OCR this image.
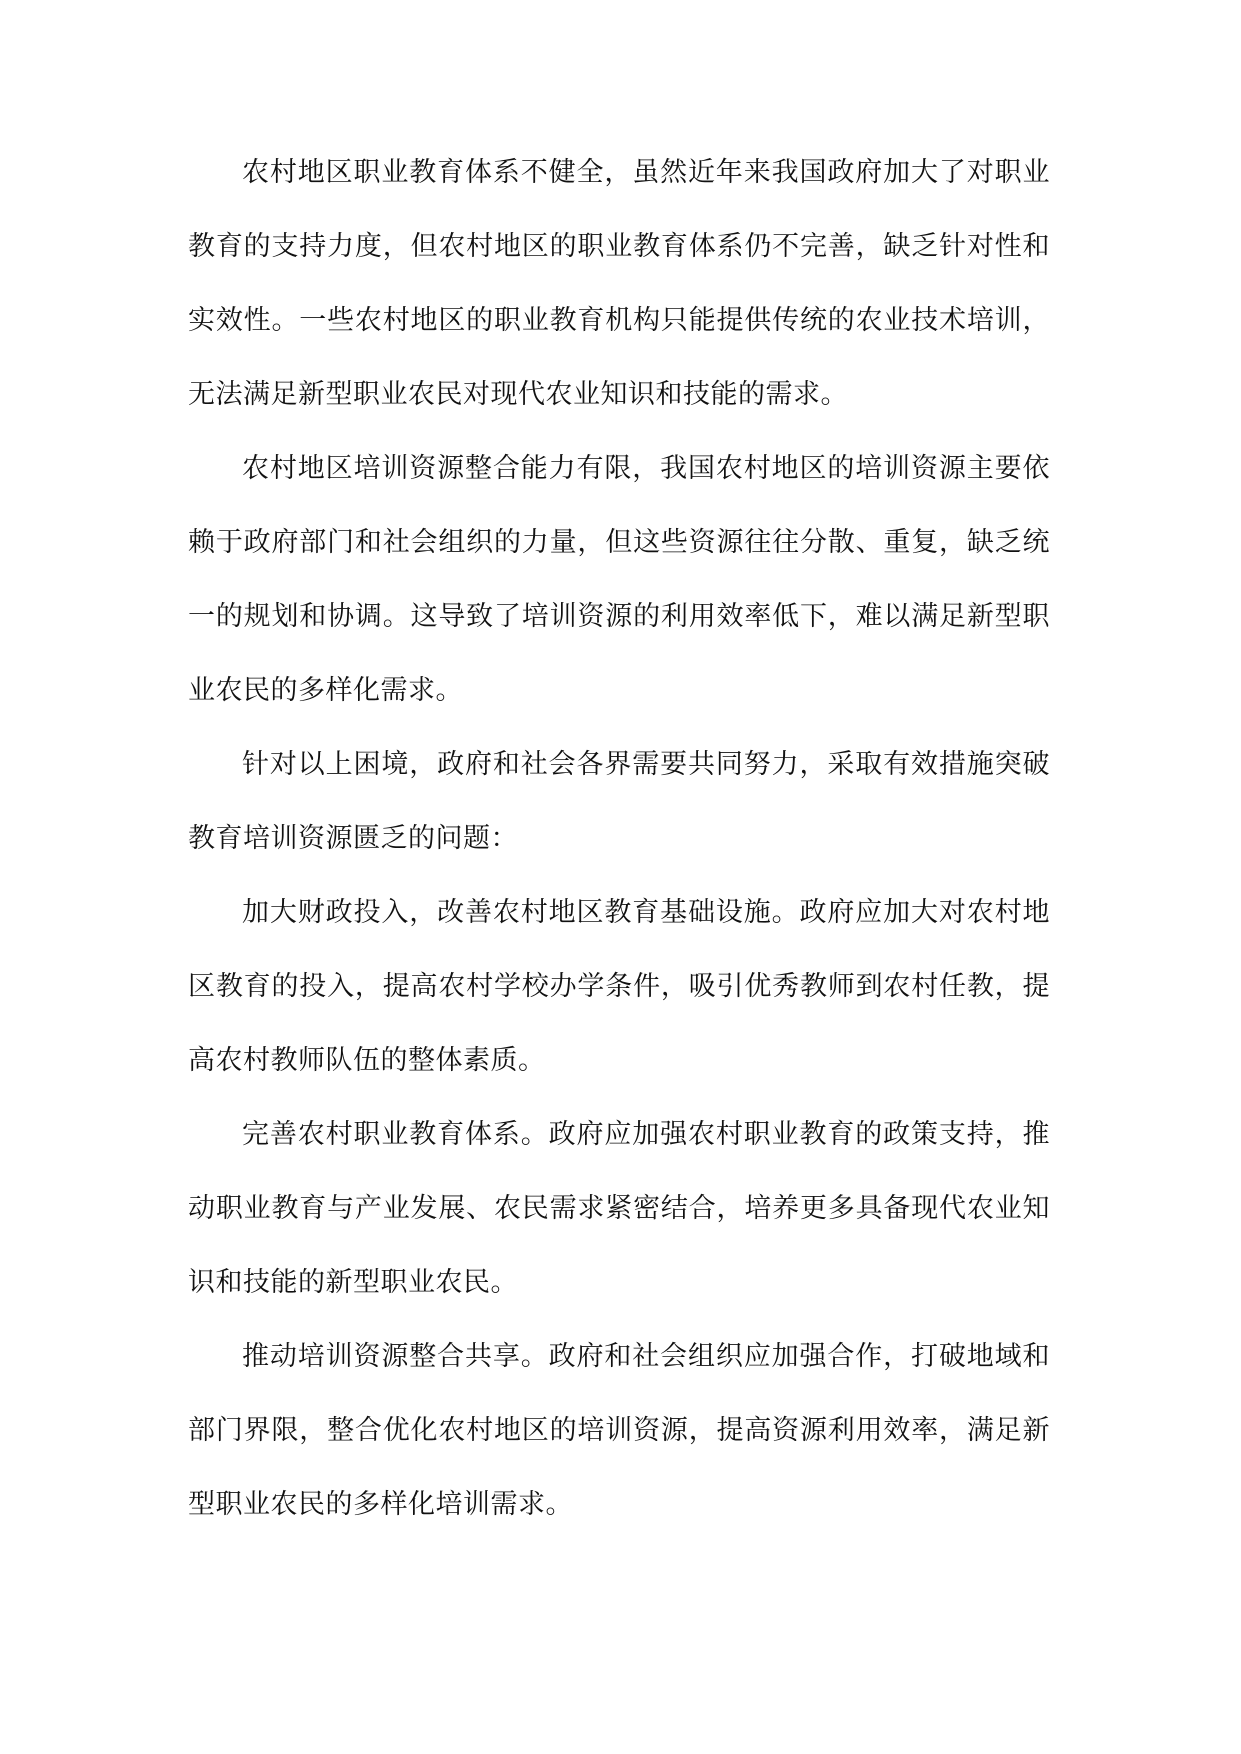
农村地区职业教育体系不健全，虽然近年来我国政府加大了对职业教育的支持力度，但农村地区的职业教育体系仍不完善，缺乏针对性和实效性。一些农村地区的职业教育机构只能提供传统的农业技术培训，无法满足新型职业农民对现代农业知识和技能的需求。

农村地区培训资源整合能力有限，我国农村地区的培训资源主要依赖于政府部门和社会组织的力量，但这些资源往往分散、重复，缺乏统一的规划和协调。这导致了培训资源的利用效率低下，难以满足新型职业农民的多样化需求。

针对以上困境，政府和社会各界需要共同努力，采取有效措施突破教育培训资源匮乏的问题：

加大财政投入，改善农村地区教育基础设施。政府应加大对农村地区教育的投入，提高农村学校办学条件，吸引优秀教师到农村任教，提高农村教师队伍的整体素质。

完善农村职业教育体系。政府应加强农村职业教育的政策支持，推动职业教育与产业发展、农民需求紧密结合，培养更多具备现代农业知识和技能的新型职业农民。

推动培训资源整合共享。政府和社会组织应加强合作，打破地域和部门界限，整合优化农村地区的培训资源，提高资源利用效率，满足新型职业农民的多样化培训需求。
